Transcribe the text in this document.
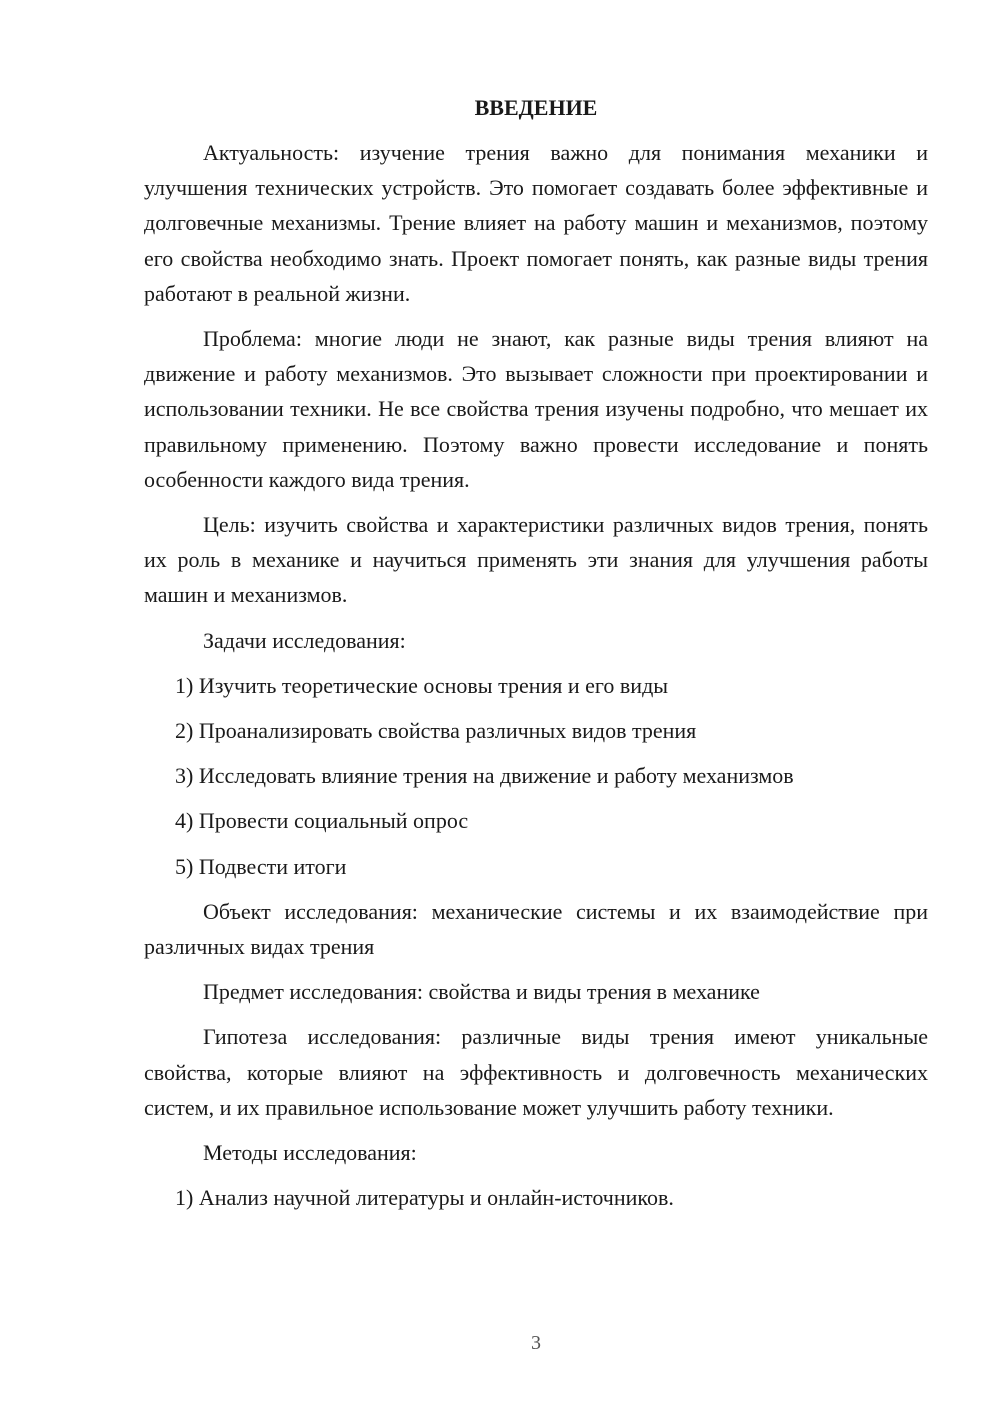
ВВЕДЕНИЕ

Актуальность: изучение трения важно для понимания механики и улучшения технических устройств. Это помогает создавать более эффективные и долговечные механизмы. Трение влияет на работу машин и механизмов, поэтому его свойства необходимо знать. Проект помогает понять, как разные виды трения работают в реальной жизни.

Проблема: многие люди не знают, как разные виды трения влияют на движение и работу механизмов. Это вызывает сложности при проектировании и использовании техники. Не все свойства трения изучены подробно, что мешает их правильному применению. Поэтому важно провести исследование и понять особенности каждого вида трения.

Цель: изучить свойства и характеристики различных видов трения, понять их роль в механике и научиться применять эти знания для улучшения работы машин и механизмов.

Задачи исследования:

1) Изучить теоретические основы трения и его виды

2) Проанализировать свойства различных видов трения

3) Исследовать влияние трения на движение и работу механизмов

4) Провести социальный опрос

5) Подвести итоги

Объект исследования: механические системы и их взаимодействие при различных видах трения

Предмет исследования: свойства и виды трения в механике

Гипотеза исследования: различные виды трения имеют уникальные свойства, которые влияют на эффективность и долговечность механических систем, и их правильное использование может улучшить работу техники.

Методы исследования:

1) Анализ научной литературы и онлайн-источников.

3
